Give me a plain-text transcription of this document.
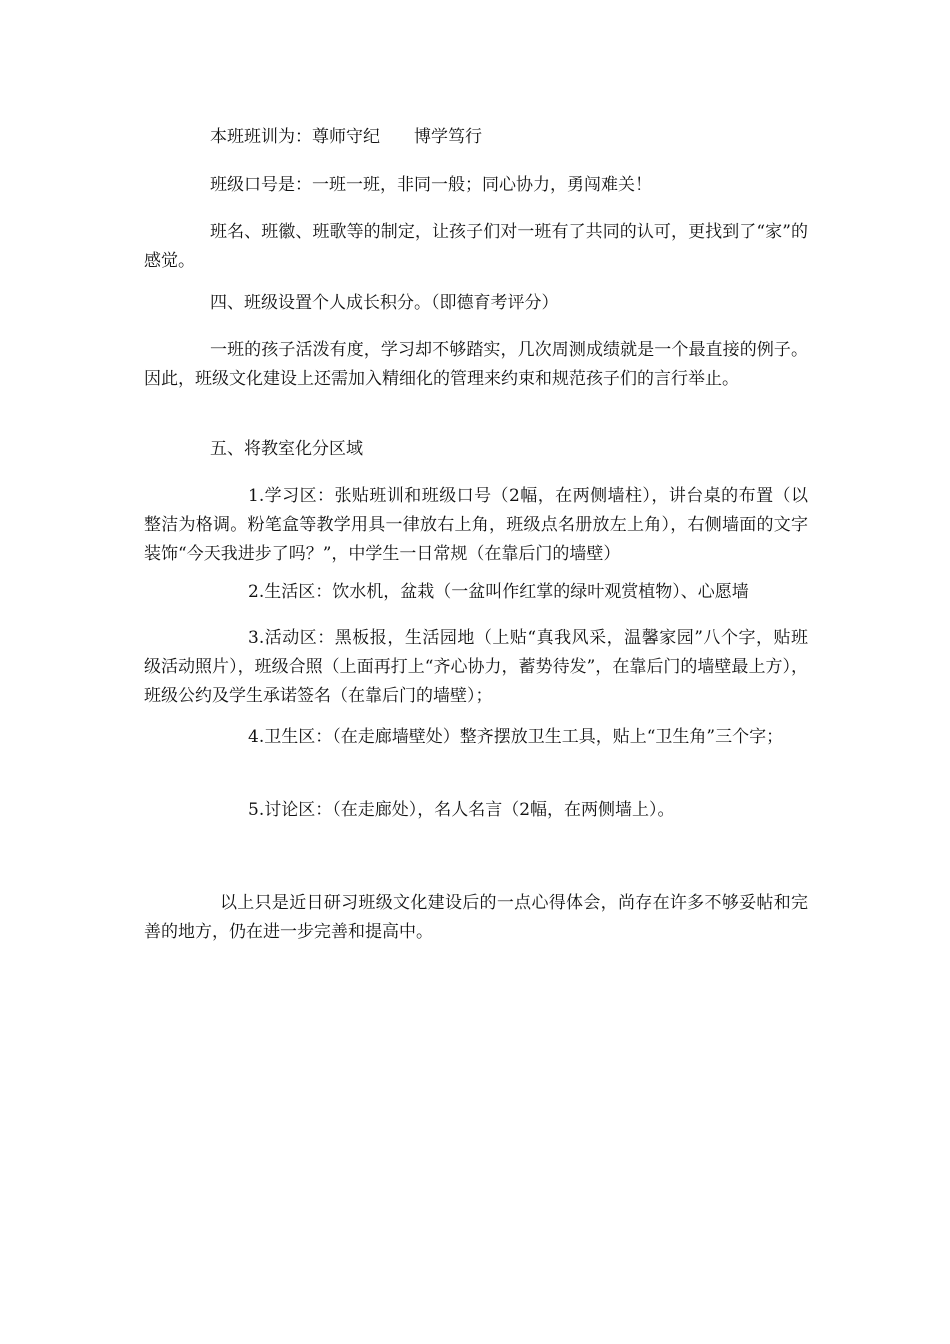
本班班训为：尊师守纪　　博学笃行

班级口号是：一班一班，非同一般；同心协力，勇闯难关！

班名、班徽、班歌等的制定，让孩子们对一班有了共同的认可，更找到了“家”的感觉。

四、班级设置个人成长积分。（即德育考评分）

一班的孩子活泼有度，学习却不够踏实，几次周测成绩就是一个最直接的例子。因此，班级文化建设上还需加入精细化的管理来约束和规范孩子们的言行举止。

五、将教室化分区域

1.学习区：张贴班训和班级口号（2幅，在两侧墙柱），讲台桌的布置（以整洁为格调。粉笔盒等教学用具一律放右上角，班级点名册放左上角），右侧墙面的文字装饰“今天我进步了吗？”，中学生一日常规（在靠后门的墙壁）

2.生活区：饮水机，盆栽（一盆叫作红掌的绿叶观赏植物）、心愿墙

3.活动区：黑板报，生活园地（上贴“真我风采，温馨家园”八个字，贴班级活动照片），班级合照（上面再打上“齐心协力，蓄势待发”，在靠后门的墙壁最上方），班级公约及学生承诺签名（在靠后门的墙壁）；

4.卫生区：（在走廊墙壁处）整齐摆放卫生工具，贴上“卫生角”三个字；

5.讨论区：（在走廊处），名人名言（2幅，在两侧墙上）。

以上只是近日研习班级文化建设后的一点心得体会，尚存在许多不够妥帖和完善的地方，仍在进一步完善和提高中。
